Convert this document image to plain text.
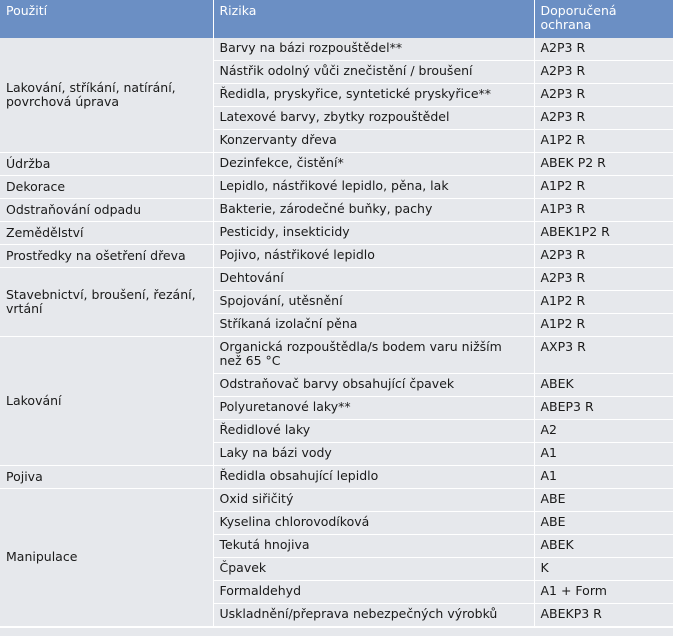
Použití	Rizika	Doporučená ochrana
Lakování, stříkání, natírání, povrchová úprava	Barvy na bázi rozpouštědel**	A2P3 R
	Nástřik odolný vůči znečistění / broušení	A2P3 R
	Ředidla, pryskyřice, syntetické pryskyřice**	A2P3 R
	Latexové barvy, zbytky rozpouštědel	A2P3 R
	Konzervanty dřeva	A1P2 R
Údržba	Dezinfekce, čistění*	ABEK P2 R
Dekorace	Lepidlo, nástřikové lepidlo, pěna, lak	A1P2 R
Odstraňování odpadu	Bakterie, zárodečné buňky, pachy	A1P3 R
Zemědělství	Pesticidy, insekticidy	ABEK1P2 R
Prostředky na ošetření dřeva	Pojivo, nástřikové lepidlo	A2P3 R
Stavebnictví, broušení, řezání, vrtání	Dehtování	A2P3 R
	Spojování, utěsnění	A1P2 R
	Stříkaná izolační pěna	A1P2 R
Lakování	Organická rozpouštědla/s bodem varu nižším než 65 °C	AXP3 R
	Odstraňovač barvy obsahující čpavek	ABEK
	Polyuretanové laky**	ABEP3 R
	Ředidlové laky	A2
	Laky na bázi vody	A1
Pojiva	Ředidla obsahující lepidlo	A1
Manipulace	Oxid siřičitý	ABE
	Kyselina chlorovodíková	ABE
	Tekutá hnojiva	ABEK
	Čpavek	K
	Formaldehyd	A1 + Form
	Uskladnění/přeprava nebezpečných výrobků	ABEKP3 R
